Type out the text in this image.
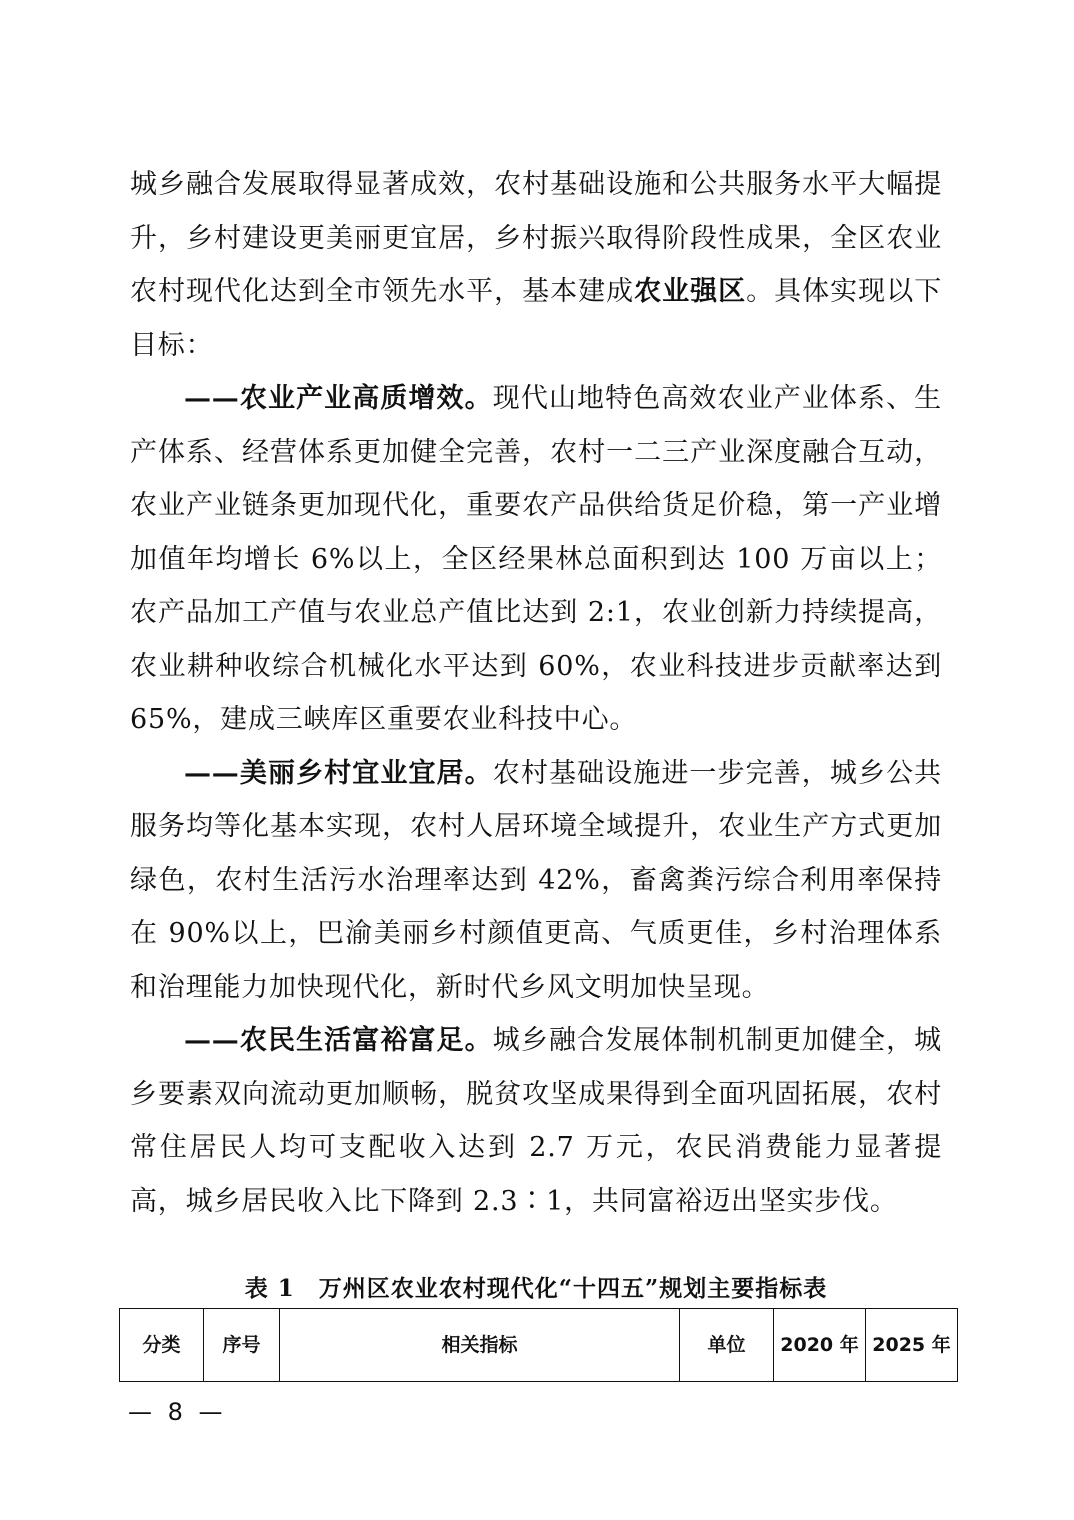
城乡融合发展取得显著成效，农村基础设施和公共服务水平大幅提升，乡村建设更美丽更宜居，乡村振兴取得阶段性成果，全区农业农村现代化达到全市领先水平，基本建成农业强区。具体实现以下目标：

——农业产业高质增效。现代山地特色高效农业产业体系、生产体系、经营体系更加健全完善，农村一二三产业深度融合互动，农业产业链条更加现代化，重要农产品供给货足价稳，第一产业增加值年均增长 6%以上，全区经果林总面积到达 100 万亩以上；农产品加工产值与农业总产值比达到 2:1，农业创新力持续提高，农业耕种收综合机械化水平达到 60%，农业科技进步贡献率达到 65%，建成三峡库区重要农业科技中心。

——美丽乡村宜业宜居。农村基础设施进一步完善，城乡公共服务均等化基本实现，农村人居环境全域提升，农业生产方式更加绿色，农村生活污水治理率达到 42%，畜禽粪污综合利用率保持在 90%以上，巴渝美丽乡村颜值更高、气质更佳，乡村治理体系和治理能力加快现代化，新时代乡风文明加快呈现。

——农民生活富裕富足。城乡融合发展体制机制更加健全，城乡要素双向流动更加顺畅，脱贫攻坚成果得到全面巩固拓展，农村常住居民人均可支配收入达到 2.7 万元，农民消费能力显著提高，城乡居民收入比下降到 2.3∶1，共同富裕迈出坚实步伐。

表 1　万州区农业农村现代化“十四五”规划主要指标表
分类	序号	相关指标	单位	2020 年	2025 年
— 8 —
